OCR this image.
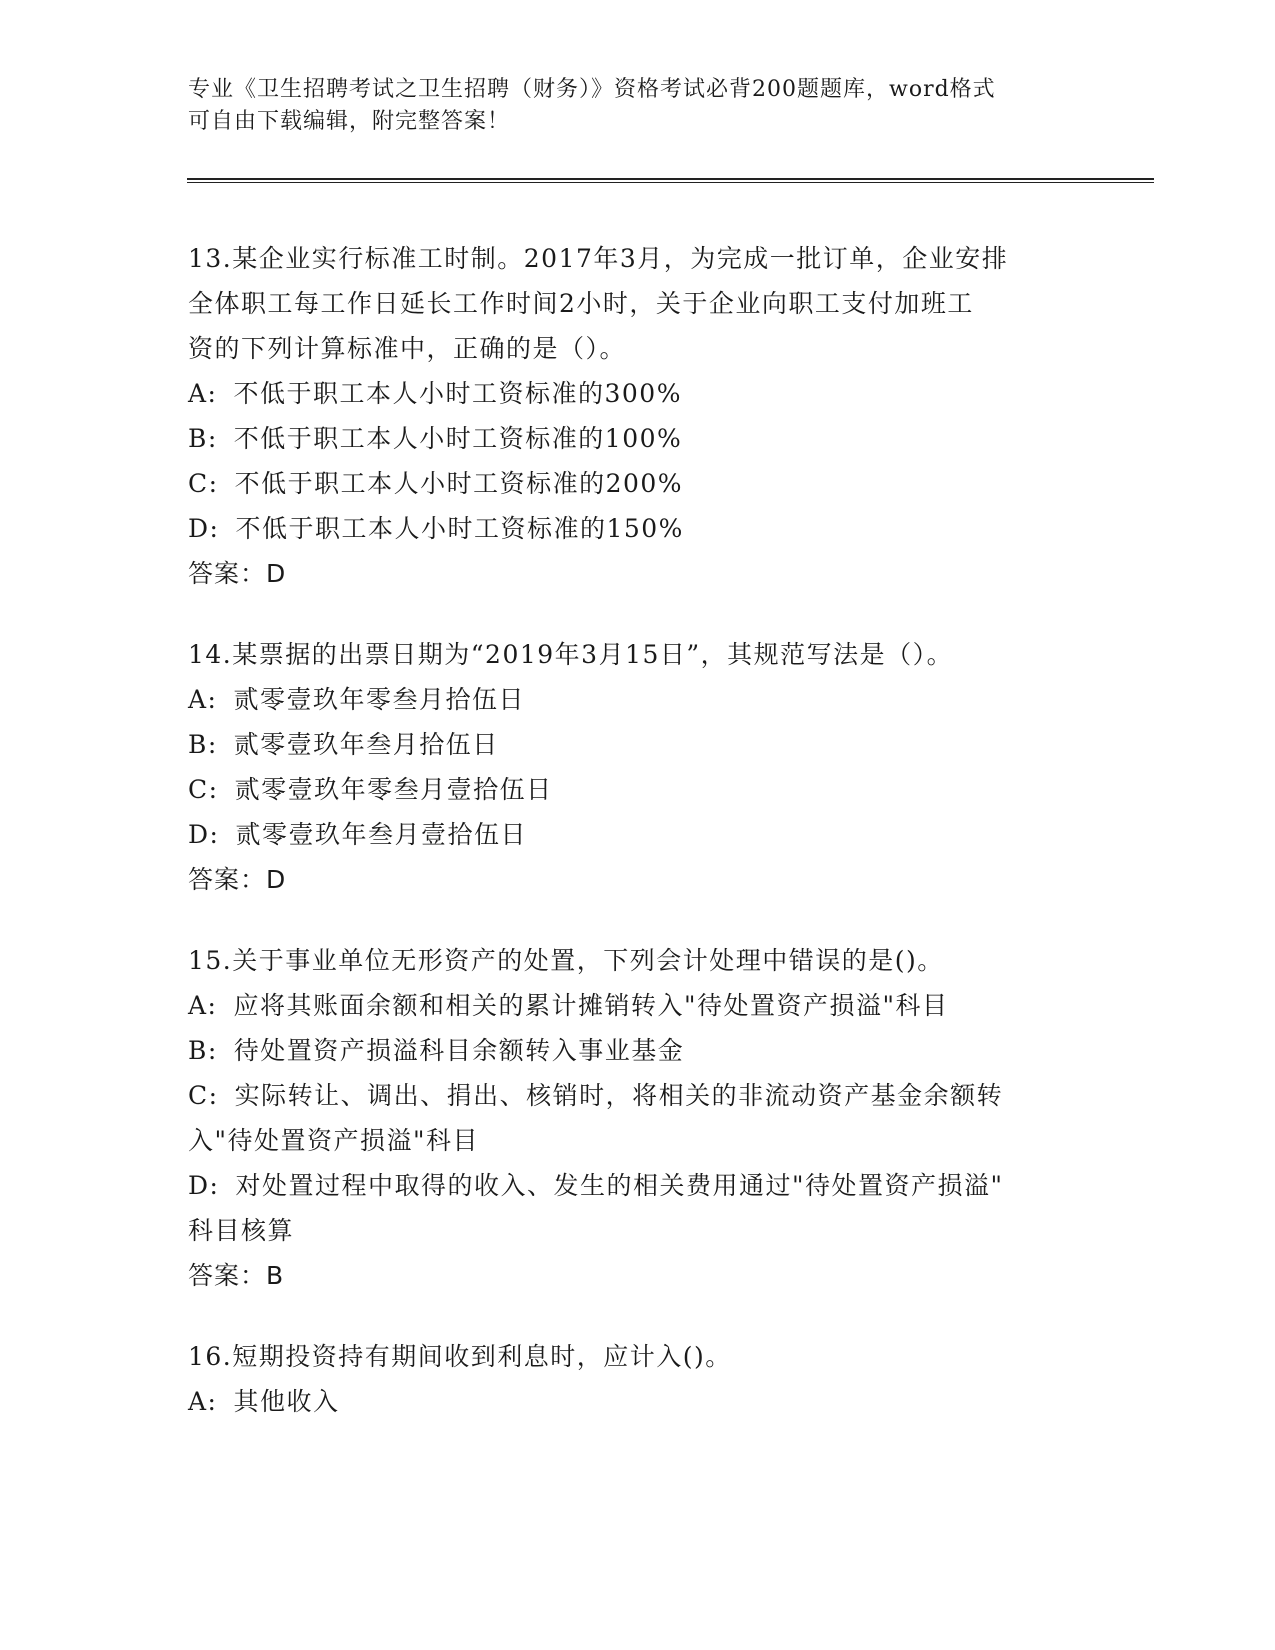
专业《卫生招聘考试之卫生招聘（财务）》资格考试必背200题题库，word格式

可自由下载编辑，附完整答案！

13.某企业实行标准工时制。2017年3月，为完成一批订单，企业安排

全体职工每工作日延长工作时间2小时，关于企业向职工支付加班工

资的下列计算标准中，正确的是（）。

A: 不低于职工本人小时工资标准的300%

B: 不低于职工本人小时工资标准的100%

C: 不低于职工本人小时工资标准的200%

D: 不低于职工本人小时工资标准的150%

答案：D

14.某票据的出票日期为“2019年3月15日”，其规范写法是（）。

A: 贰零壹玖年零叁月拾伍日

B: 贰零壹玖年叁月拾伍日

C: 贰零壹玖年零叁月壹拾伍日

D: 贰零壹玖年叁月壹拾伍日

答案：D

15.关于事业单位无形资产的处置，下列会计处理中错误的是()。

A: 应将其账面余额和相关的累计摊销转入"待处置资产损溢"科目

B: 待处置资产损溢科目余额转入事业基金

C: 实际转让、调出、捐出、核销时，将相关的非流动资产基金余额转

入"待处置资产损溢"科目

D: 对处置过程中取得的收入、发生的相关费用通过"待处置资产损溢"

科目核算

答案：B

16.短期投资持有期间收到利息时，应计入()。

A: 其他收入
